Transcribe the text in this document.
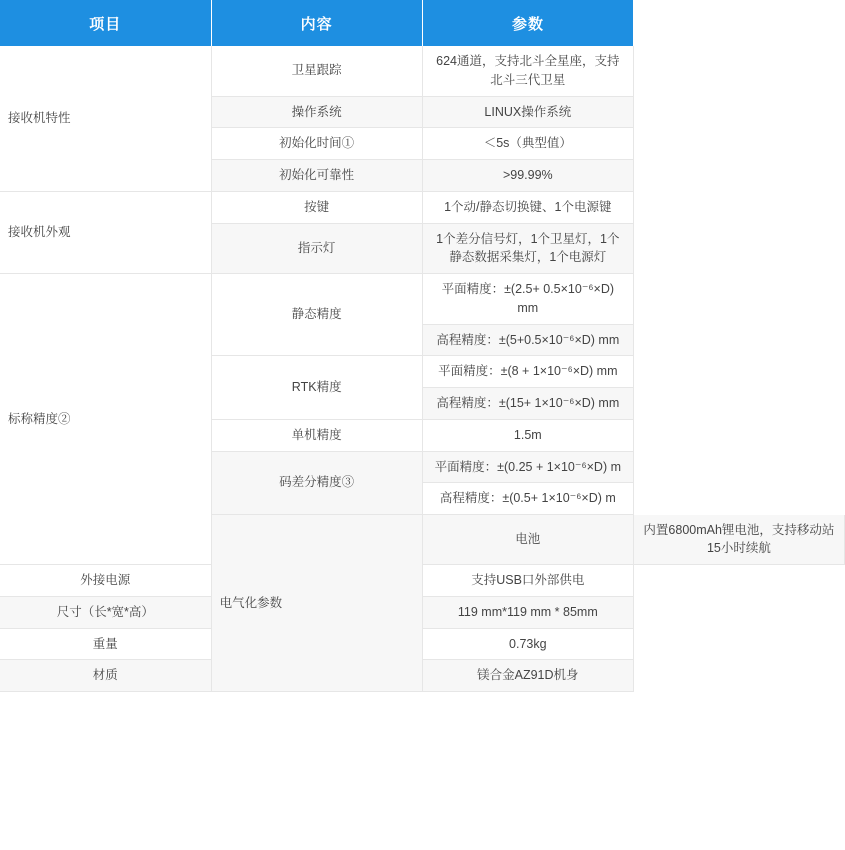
项目	内容	参数	
接收机特性	卫星跟踪	624通道，支持北斗全星座，支持北斗三代卫星	
	操作系统	LINUX操作系统	
	初始化时间①	＜5s（典型值）	
	初始化可靠性	>99.99%	
接收机外观	按键	1个动/静态切换键、1个电源键	
	指示灯	1个差分信号灯，1个卫星灯，1个静态数据采集灯，1个电源灯	
标称精度②	静态精度	平面精度：±(2.5+ 0.5×10⁻⁶×D) mm	
		高程精度：±(5+0.5×10⁻⁶×D) mm	
	RTK精度	平面精度：±(8 + 1×10⁻⁶×D) mm	
		高程精度：±(15+ 1×10⁻⁶×D) mm	
	单机精度	1.5m	
	码差分精度③	平面精度：±(0.25 + 1×10⁻⁶×D) m	
		高程精度：±(0.5+ 1×10⁻⁶×D) m	
	电气化参数	电池	内置6800mAh锂电池，支持移动站15小时续航
外接电源		支持USB口外部供电	
尺寸（长*宽*高）		119 mm*119 mm * 85mm	
重量		0.73kg	
材质		镁合金AZ91D机身	
